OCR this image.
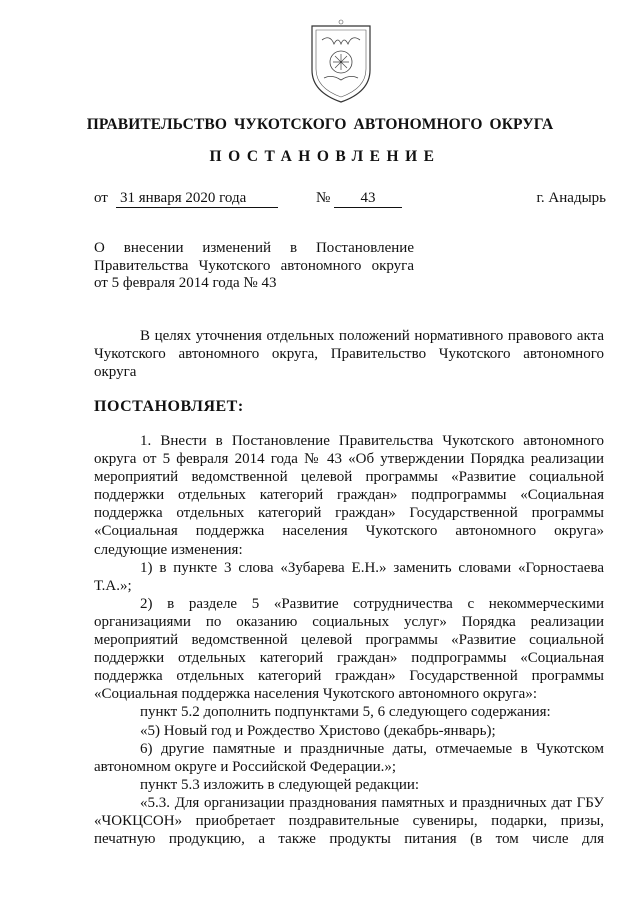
ПРАВИТЕЛЬСТВО ЧУКОТСКОГО АВТОНОМНОГО ОКРУГА
ПОСТАНОВЛЕНИЕ
от 31 января 2020 года	№	43	г. Анадырь
О внесении изменений в Постановление
Правительства Чукотского автономного округа
от 5 февраля 2014 года № 43

В целях уточнения отдельных положений нормативного правового акта Чукотского автономного округа, Правительство Чукотского автономного округа

ПОСТАНОВЛЯЕТ:

1. Внести в Постановление Правительства Чукотского автономного округа от 5 февраля 2014 года № 43 «Об утверждении Порядка реализации мероприятий ведомственной целевой программы «Развитие социальной поддержки отдельных категорий граждан» подпрограммы «Социальная поддержка отдельных категорий граждан» Государственной программы «Социальная поддержка населения Чукотского автономного округа» следующие изменения:

1) в пункте 3 слова «Зубарева Е.Н.» заменить словами «Горностаева Т.А.»;

2) в разделе 5 «Развитие сотрудничества с некоммерческими организациями по оказанию социальных услуг» Порядка реализации мероприятий ведомственной целевой программы «Развитие социальной поддержки отдельных категорий граждан» подпрограммы «Социальная поддержка отдельных категорий граждан» Государственной программы «Социальная поддержка населения Чукотского автономного округа»:

пункт 5.2 дополнить подпунктами 5, 6 следующего содержания:

«5) Новый год и Рождество Христово (декабрь-январь);

6) другие памятные и праздничные даты, отмечаемые в Чукотском автономном округе и Российской Федерации.»;

пункт 5.3 изложить в следующей редакции:

«5.3. Для организации празднования памятных и праздничных дат ГБУ «ЧОКЦСОН» приобретает поздравительные сувениры, подарки, призы, печатную продукцию, а также продукты питания (в том числе для
